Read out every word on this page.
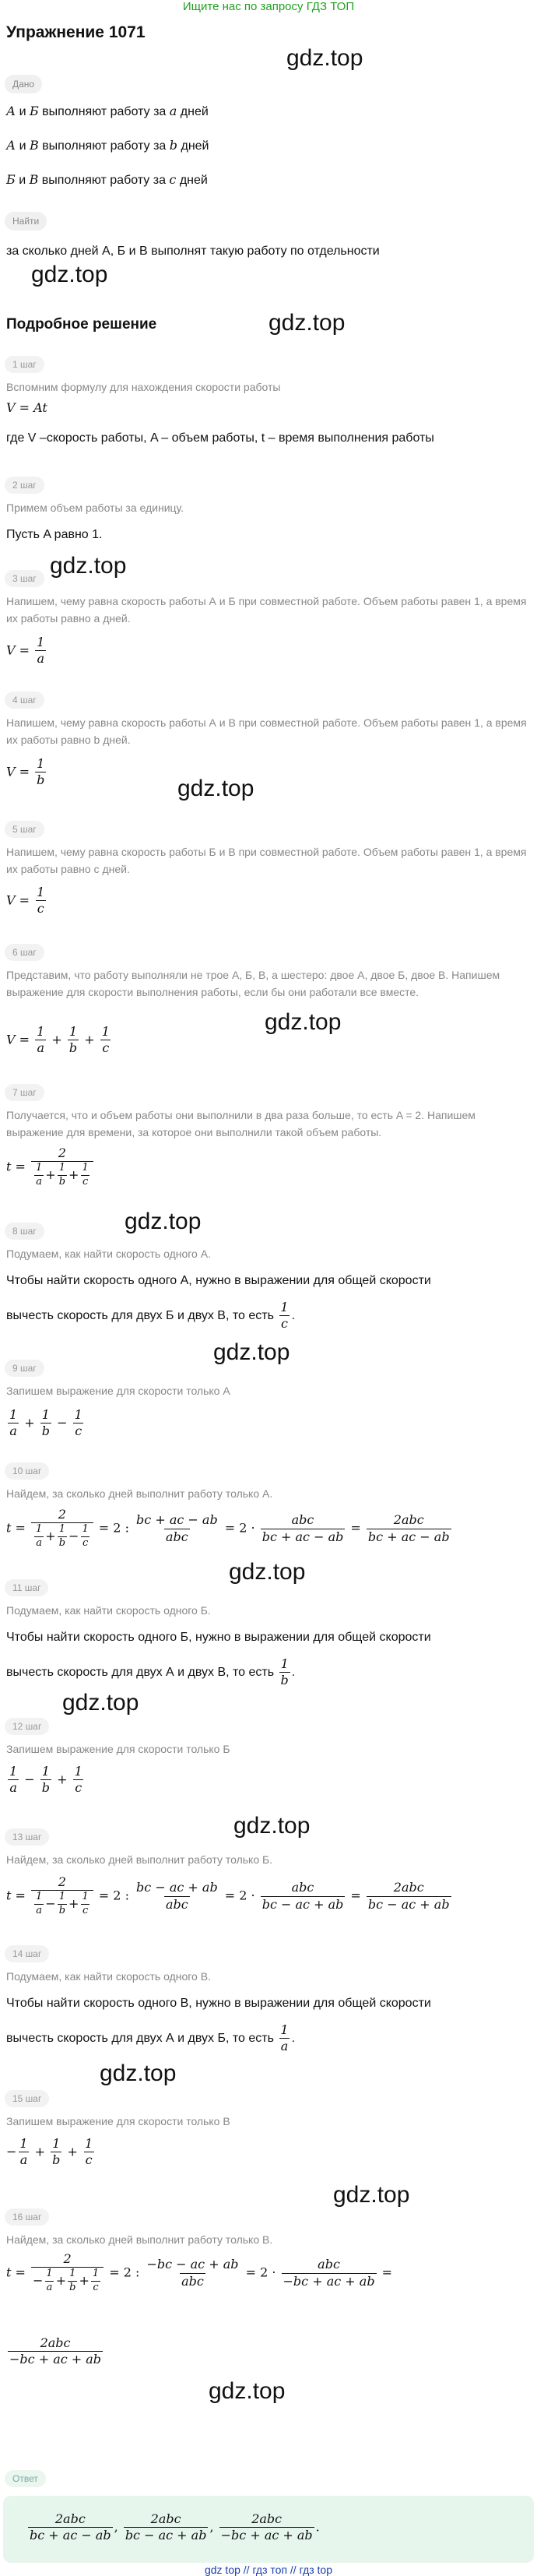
Ищите нас по запросу ГДЗ ТОП
Упражнение 1071
gdz.top
Дано
А и Б выполняют работу за a дней
А и В выполняют работу за b дней
Б и В выполняют работу за c дней
Найти
за сколько дней А, Б и В выполнят такую работу по отдельности
gdz.top
Подробное решение	gdz.top
1 шаг
Вспомним формулу для нахождения скорости работы
V = At
где V –скорость работы, A – объем работы, t – время выполнения работы
2 шаг
Примем объем работы за единицу.
Пусть A равно 1.
gdz.top
3 шаг
Напишем, чему равна скорость работы А и Б при совместной работе. Объем работы равен 1, а время их работы равно a дней.
$V = \frac{1}{a}$
4 шаг
Напишем, чему равна скорость работы А и В при совместной работе. Объем работы равен 1, а время их работы равно b дней.
$V = \frac{1}{b}$
gdz.top
5 шаг
Напишем, чему равна скорость работы Б и В при совместной работе. Объем работы равен 1, а время их работы равно c дней.
$V = \frac{1}{c}$
6 шаг
Представим, что работу выполняли не трое А, Б, В, а шестеро: двое А, двое Б, двое В. Напишем выражение для скорости выполнения работы, если бы они работали все вместе.
$V = \frac{1}{a} + \frac{1}{b} + \frac{1}{c}$
gdz.top
7 шаг
Получается, что и объем работы они выполнили в два раза больше, то есть A = 2. Напишем выражение для времени, за которое они выполнили такой объем работы.
$t = \frac{2}{\frac{1}{a} + \frac{1}{b} + \frac{1}{c}}$
gdz.top
8 шаг
Подумаем, как найти скорость одного А.
Чтобы найти скорость одного А, нужно в выражении для общей скорости
вычесть скорость для двух Б и двух В, то есть $\frac{1}{c}$ .
gdz.top
9 шаг
Запишем выражение для скорости только А
$\frac{1}{a} + \frac{1}{b} - \frac{1}{c}$
10 шаг
Найдем, за сколько дней выполнит работу только А.
$t = \frac{2}{\frac{1}{a} + \frac{1}{b} - \frac{1}{c}} = 2$ : $\frac{bc + ac - ab}{\text{abc}} = 2 \cdot \frac{\text{abc}}{bc + ac - ab} = \frac{\text{2abc}}{bc + ac - ab}$
gdz.top
11 шаг
Подумаем, как найти скорость одного Б.
Чтобы найти скорость одного Б, нужно в выражении для общей скорости
вычесть скорость для двух А и двух В, то есть $\frac{1}{b}$ .
gdz.top
12 шаг
Запишем выражение для скорости только Б
$\frac{1}{a} - \frac{1}{b} + \frac{1}{c}$
gdz.top
13 шаг
Найдем, за сколько дней выполнит работу только Б.
$t = \frac{2}{\frac{1}{a} - \frac{1}{b} + \frac{1}{c}} = 2$ : $\frac{bc - ac + ab}{\text{abc}} = 2 \cdot \frac{\text{abc}}{bc - ac + ab} = \frac{\text{2abc}}{bc - ac + ab}$
14 шаг
Подумаем, как найти скорость одного В.
Чтобы найти скорость одного В, нужно в выражении для общей скорости
вычесть скорость для двух А и двух Б, то есть $\frac{1}{a}$ .
gdz.top
15 шаг
Запишем выражение для скорости только В
− $\frac{1}{a} + \frac{1}{b} + \frac{1}{c}$
gdz.top
16 шаг
Найдем, за сколько дней выполнит работу только В.
$t = \frac{2}{- \frac{1}{a} + \frac{1}{b} + \frac{1}{c}} = 2$ : $\frac{-bc - ac + ab}{\text{abc}} = 2 \cdot \frac{\text{abc}}{-bc + ac + ab}$ =
$\frac{\text{2abc}}{-bc + ac + ab}$
gdz.top
Ответ
$\frac{\text{2abc}}{bc + ac - ab}$ , $\frac{\text{2abc}}{bc - ac + ab}$ , $\frac{\text{2abc}}{-bc + ac + ab}$ .
gdz top // гдз топ // гдз top
